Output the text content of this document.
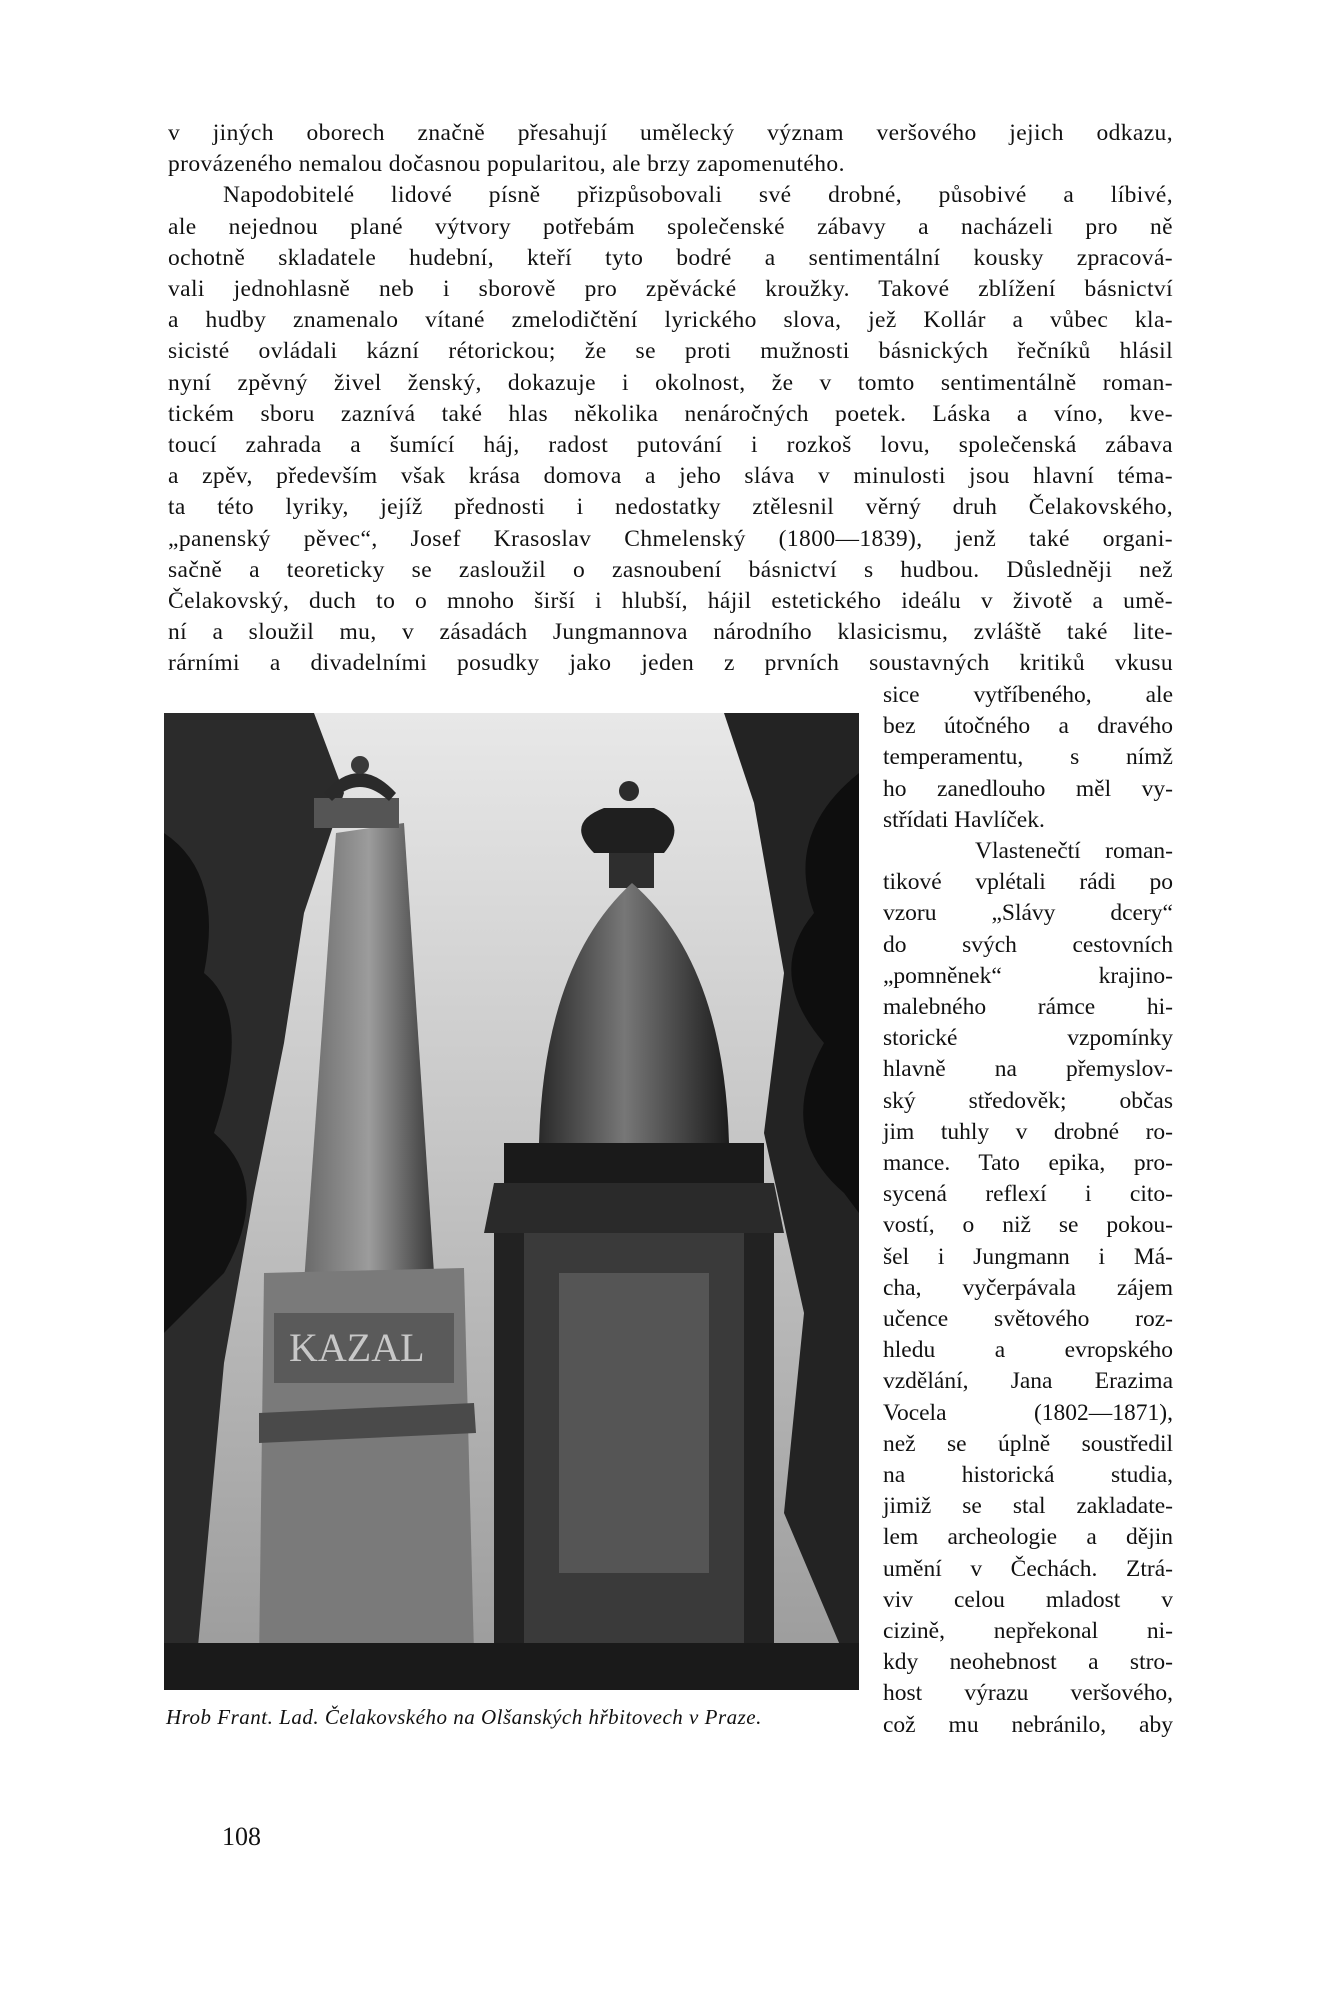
v jiných oborech značně přesahují umělecký význam veršového jejich odkazu,
provázeného nemalou dočasnou popularitou, ale brzy zapomenutého.
Napodobitelé lidové písně přizpůsobovali své drobné, působivé a líbivé,
ale nejednou plané výtvory potřebám společenské zábavy a nacházeli pro ně
ochotně skladatele hudební, kteří tyto bodré a sentimentální kousky zpracová-
vali jednohlasně neb i sborově pro zpěvácké kroužky. Takové zblížení básnictví
a hudby znamenalo vítané zmelodičtění lyrického slova, jež Kollár a vůbec kla-
sicisté ovládali kázní rétorickou; že se proti mužnosti básnických řečníků hlásil
nyní zpěvný živel ženský, dokazuje i okolnost, že v tomto sentimentálně roman-
tickém sboru zaznívá také hlas několika nenáročných poetek. Láska a víno, kve-
toucí zahrada a šumící háj, radost putování i rozkoš lovu, společenská zábava
a zpěv, především však krása domova a jeho sláva v minulosti jsou hlavní téma-
ta této lyriky, jejíž přednosti i nedostatky ztělesnil věrný druh Čelakovského,
„panenský pěvec“, Josef Krasoslav Chmelenský (1800—1839), jenž také organi-
sačně a teoreticky se zasloužil o zasnoubení básnictví s hudbou. Důsledněji než
Čelakovský, duch to o mnoho širší i hlubší, hájil estetického ideálu v životě a umě-
ní a sloužil mu, v zásadách Jungmannova národního klasicismu, zvláště také lite-
rárními a divadelními posudky jako jeden z prvních soustavných kritiků vkusu
KAZAL
sice vytříbeného, ale
bez útočného a dravého
temperamentu, s nímž
ho zanedlouho měl vy-
střídati Havlíček.
Vlastenečtí roman-
tikové vplétali rádi po
vzoru „Slávy dcery“
do svých cestovních
„pomněnek“ krajino-
malebného rámce hi-
storické vzpomínky
hlavně na přemyslov-
ský středověk; občas
jim tuhly v drobné ro-
mance. Tato epika, pro-
sycená reflexí i cito-
vostí, o niž se pokou-
šel i Jungmann i Má-
cha, vyčerpávala zájem
učence světového roz-
hledu a evropského
vzdělání, Jana Erazima
Vocela (1802—1871),
než se úplně soustředil
na historická studia,
jimiž se stal zakladate-
lem archeologie a dějin
umění v Čechách. Ztrá-
viv celou mladost v
cizině, nepřekonal ni-
kdy neohebnost a stro-
host výrazu veršového,
což mu nebránilo, aby
Hrob Frant. Lad. Čelakovského na Olšanských hřbitovech v Praze.
108
